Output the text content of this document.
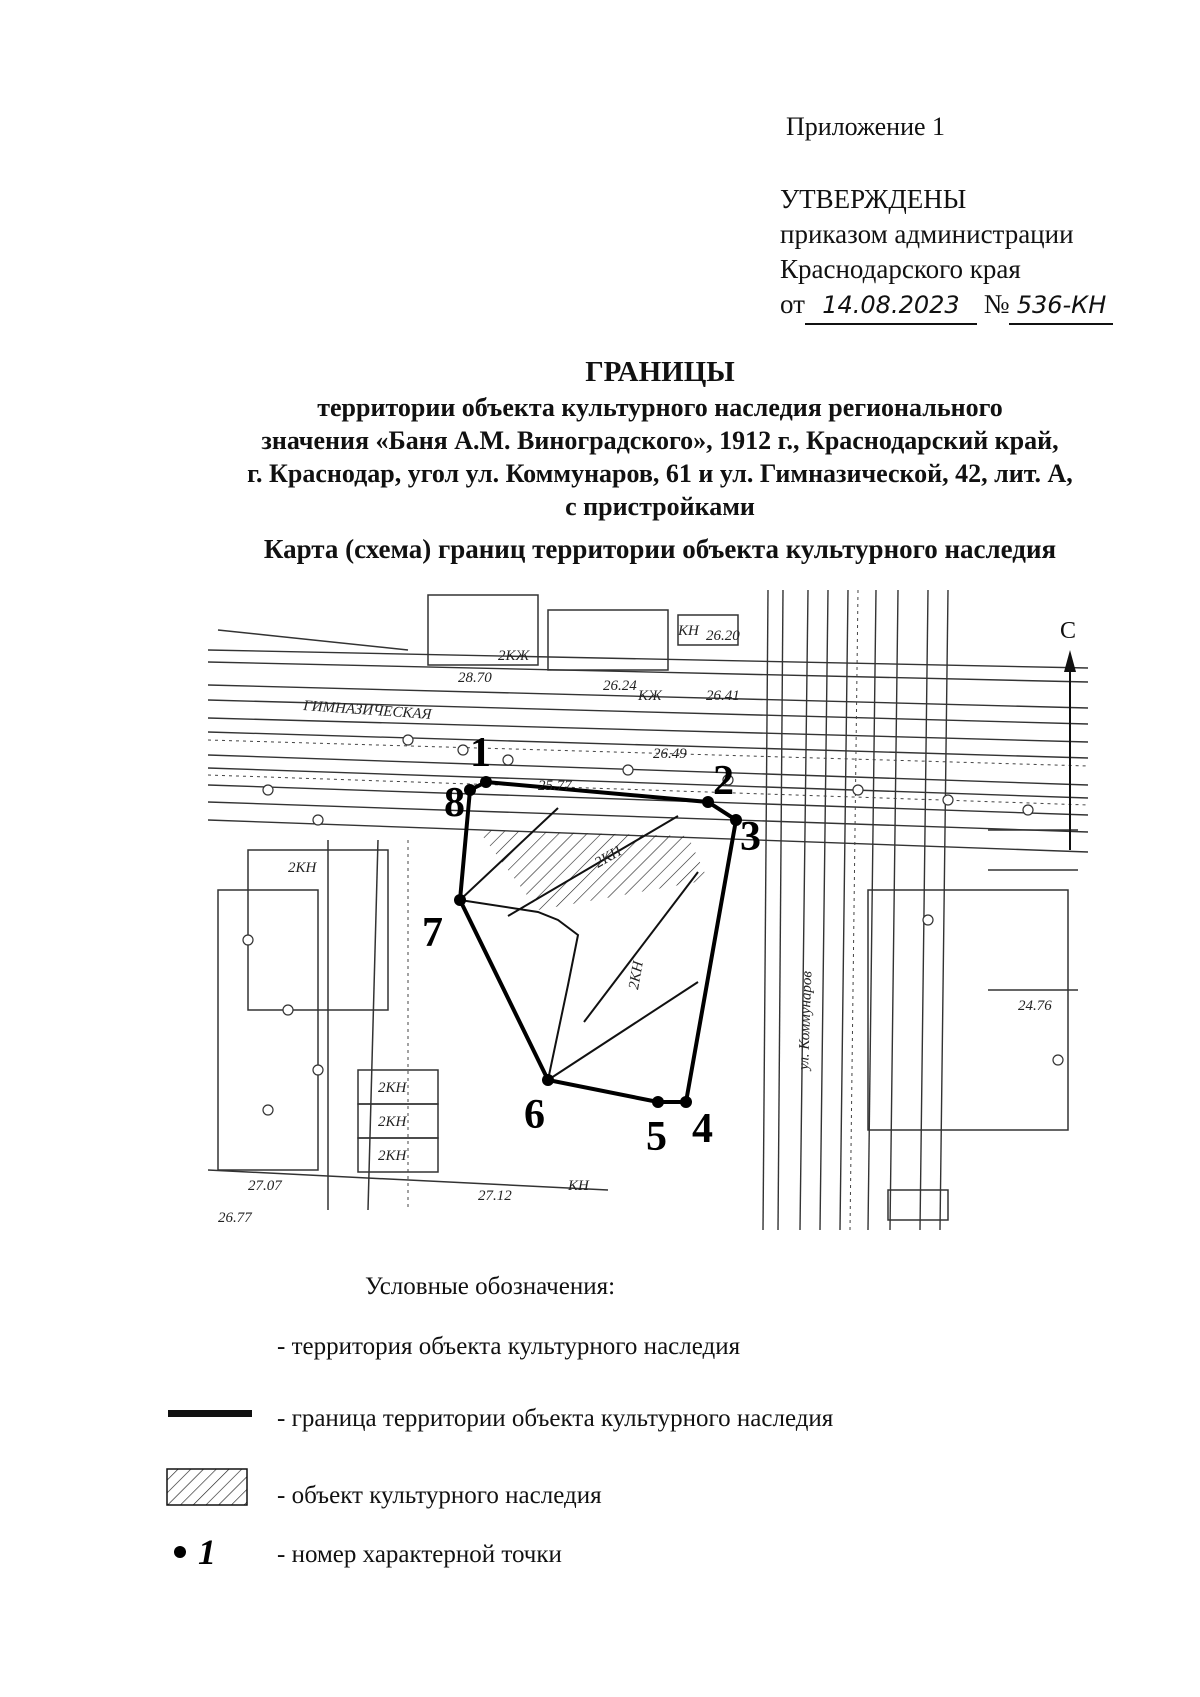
Приложение 1
УТВЕРЖДЕНЫ
приказом администрации
Краснодарского края
от 14.08.2023 № 536-КН
ГРАНИЦЫ
территории объекта культурного наследия регионального
значения «Баня А.М. Виноградского», 1912 г., Краснодарский край,
г. Краснодар, угол ул. Коммунаров, 61 и ул. Гимназической, 42, лит. А,
с пристройками
Карта (схема) границ территории объекта культурного наследия
1
2
3
4
5
6
7
8
ГИМНАЗИЧЕСКАЯ
ул. Коммунаров
КН
КЖ
2КЖ
2КН
2КН
2КН
2КН
2КН
2КН
КН
26.20
26.41
26.24
28.70
25.77
26.49
27.07
26.77
27.12
24.76
С
Условные обозначения:
- территория объекта культурного наследия
- граница территории объекта культурного наследия
- объект культурного наследия
1 - номер характерной точки
